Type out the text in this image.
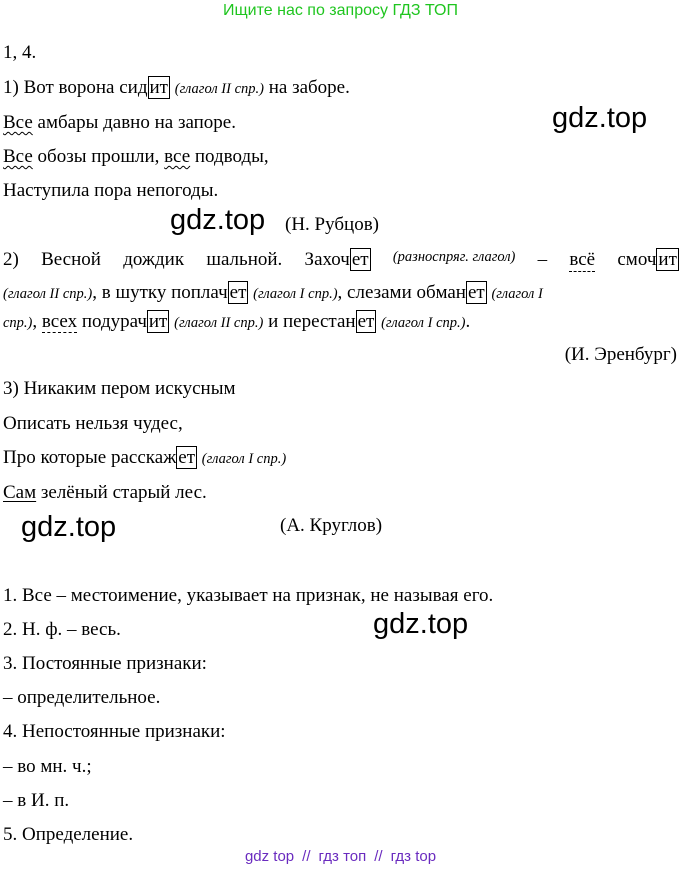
Ищите нас по запросу ГДЗ ТОП
1, 4.
1) Вот ворона сид ит (глагол II спр.) на заборе.
Все амбары давно на запоре.
Все обозы прошли, все подводы,
Наступила пора непогоды.
gdz.top
gdz.top (Н. Рубцов)
2) Весной дождик шальной. Захоч ет (разноспряг. глагол) – всё смоч ит
(глагол II спр.), в шутку поплач ет (глагол I спр.), слезами обман ет (глагол I
спр.), всех подурач ит (глагол II спр.) и перестан ет (глагол I спр.).
(И. Эренбург)
3) Никаким пером искусным
Описать нельзя чудес,
Про которые расскаж ет (глагол I спр.)
Сам зелёный старый лес.
gdz.top	(А. Круглов)
1. Все – местоимение, указывает на признак, не называя его.
2. Н. ф. – весь.	gdz.top
3. Постоянные признаки:
– определительное.
4. Непостоянные признаки:
– во мн. ч.;
– в И. п.
5. Определение.
gdz top // гдз топ // гдз top
